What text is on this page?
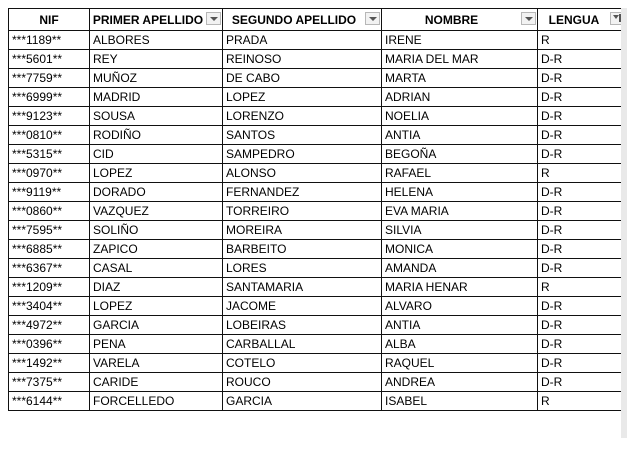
NIF	PRIMER APELLIDO	SEGUNDO APELLIDO	NOMBRE	LENGUA

***1189**	ALBORES	PRADA	IRENE	R
***5601**	REY	REINOSO	MARIA DEL MAR	D-R
***7759**	MUÑOZ	DE CABO	MARTA	D-R
***6999**	MADRID	LOPEZ	ADRIAN	D-R
***9123**	SOUSA	LORENZO	NOELIA	D-R
***0810**	RODIÑO	SANTOS	ANTIA	D-R
***5315**	CID	SAMPEDRO	BEGOÑA	D-R
***0970**	LOPEZ	ALONSO	RAFAEL	R
***9119**	DORADO	FERNANDEZ	HELENA	D-R
***0860**	VAZQUEZ	TORREIRO	EVA MARIA	D-R
***7595**	SOLIÑO	MOREIRA	SILVIA	D-R
***6885**	ZAPICO	BARBEITO	MONICA	D-R
***6367**	CASAL	LORES	AMANDA	D-R
***1209**	DIAZ	SANTAMARIA	MARIA HENAR	R
***3404**	LOPEZ	JACOME	ALVARO	D-R
***4972**	GARCIA	LOBEIRAS	ANTIA	D-R
***0396**	PENA	CARBALLAL	ALBA	D-R
***1492**	VARELA	COTELO	RAQUEL	D-R
***7375**	CARIDE	ROUCO	ANDREA	D-R
***6144**	FORCELLEDO	GARCIA	ISABEL	R
